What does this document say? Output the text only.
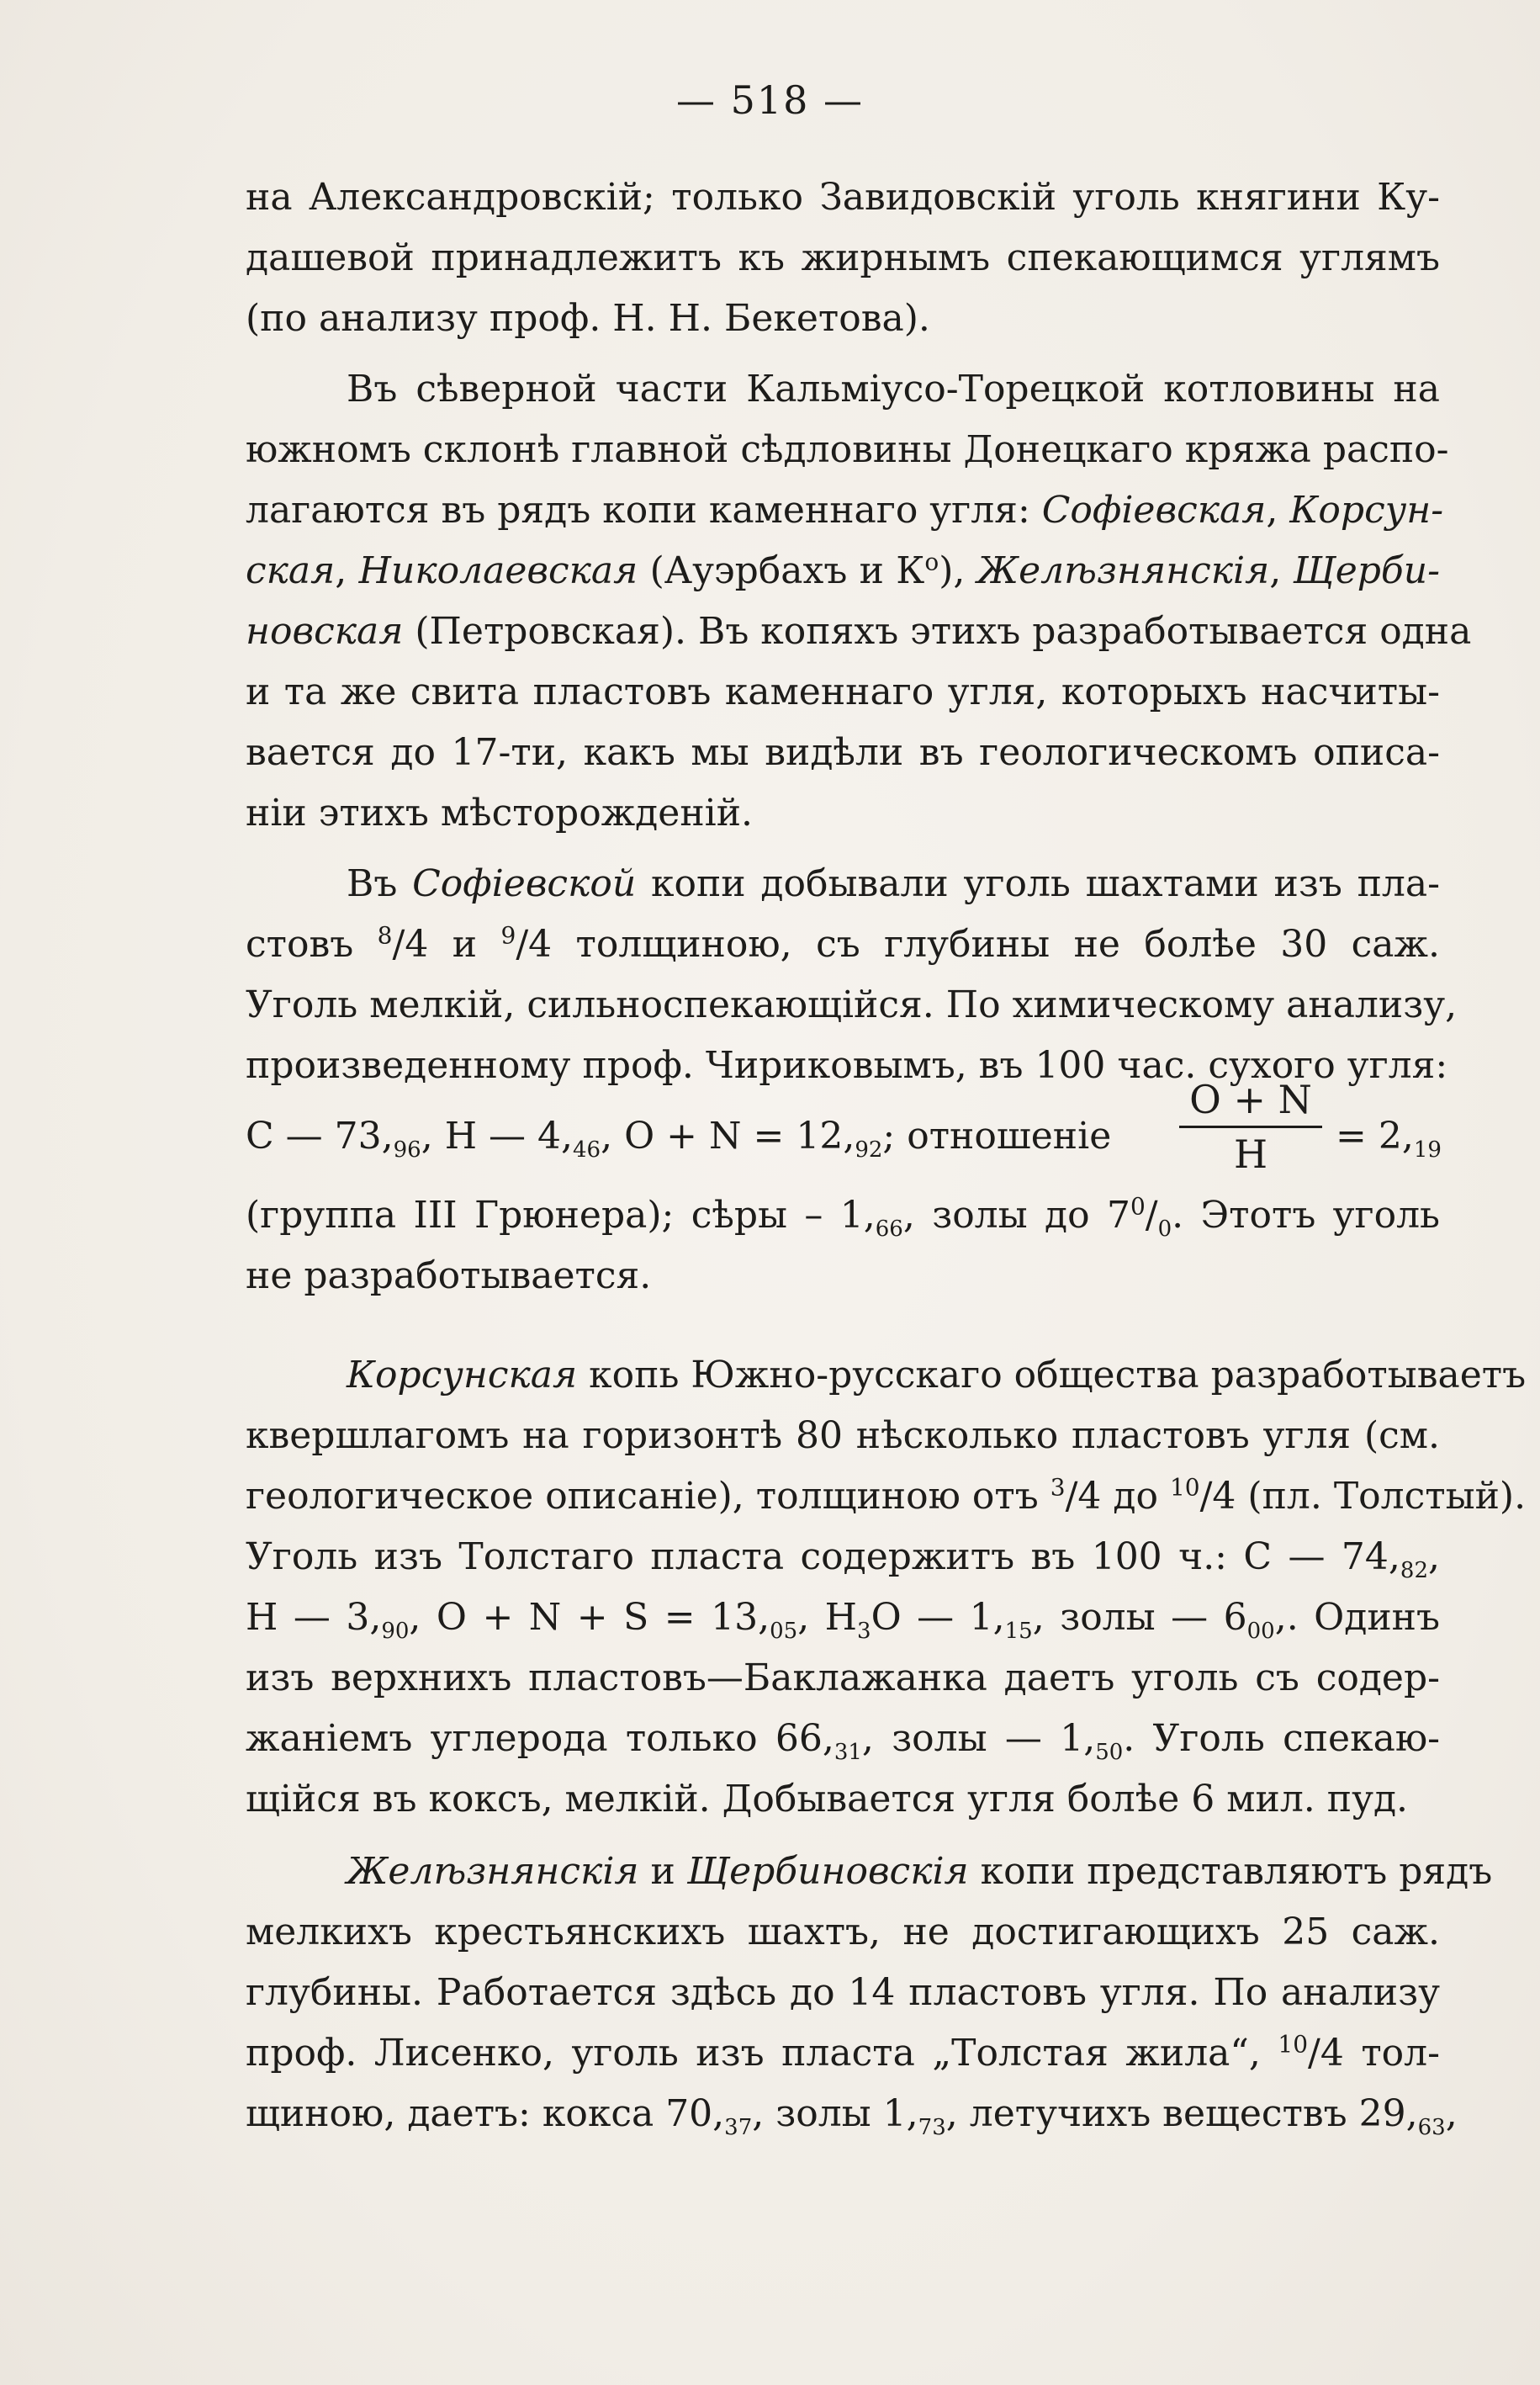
— 518 —
на Александровскій; только Завидовскій уголь княгини Ку-
дашевой принадлежитъ къ жирнымъ спекающимся углямъ
(по анализу проф. Н. Н. Бекетова).
Въ сѣверной части Кальміусо-Торецкой котловины на
южномъ склонѣ главной сѣдловины Донецкаго кряжа распо-
лагаются въ рядъ копи каменнаго угля: Софіевская, Корсун-
ская, Николаевская (Ауэрбахъ и $К^о$), Желѣзнянскія, Щерби-
новская (Петровская). Въ копяхъ этихъ разработывается одна
и та же свита пластовъ каменнаго угля, которыхъ насчиты-
вается до 17-ти, какъ мы видѣли въ геологическомъ описа-
ніи этихъ мѣсторожденій.
Въ Софіевской копи добывали уголь шахтами изъ пла-
стовъ $^8$/4 и $^9$/4 толщиною, съ глубины не болѣе 30 саж.
Уголь мелкій, сильноспекающійся. По химическому анализу,
произведенному проф. Чириковымъ, въ 100 час. сухого угля:
C — $73,_{96}$, H — $4,_{46}$, $O + N = 12,_{92}$; отношеніе
O + N
H	= $2,_{19}$
(группа III Грюнера); сѣры – $1,_{66}$, золы до $7^0/_0$. Этотъ уголь
не разработывается.
Корсунская копь Южно-русскаго общества разработываетъ
квершлагомъ на горизонтѣ 80 нѣсколько пластовъ угля (см.
геологическое описаніе), толщиною отъ $^3$/4 до $^{10}$/4 (пл. Толстый).
Уголь изъ Толстаго пласта содержитъ въ 100 ч.: C — $74,_{82}$,
H — $3,_{90}$, $O + N + S = 13,_{05}$, $H_3O$ — $1,_{15}$, золы — $6_{00}$,. Одинъ
изъ верхнихъ пластовъ—Баклажанка даетъ уголь съ содер-
жаніемъ углерода только $66,_{31}$, золы — $1,_{50}$. Уголь спекаю-
щійся въ коксъ, мелкій. Добывается угля болѣе 6 мил. пуд.
Желѣзнянскія и Щербиновскія копи представляютъ рядъ
мелкихъ крестьянскихъ шахтъ, не достигающихъ 25 саж.
глубины. Работается здѣсь до 14 пластовъ угля. По анализу
проф. Лисенко, уголь изъ пласта „Толстая жила“, $^{10}$/4 тол-
щиною, даетъ: кокса $70,_{37}$, золы $1,_{73}$, летучихъ веществъ $29,_{63}$,
